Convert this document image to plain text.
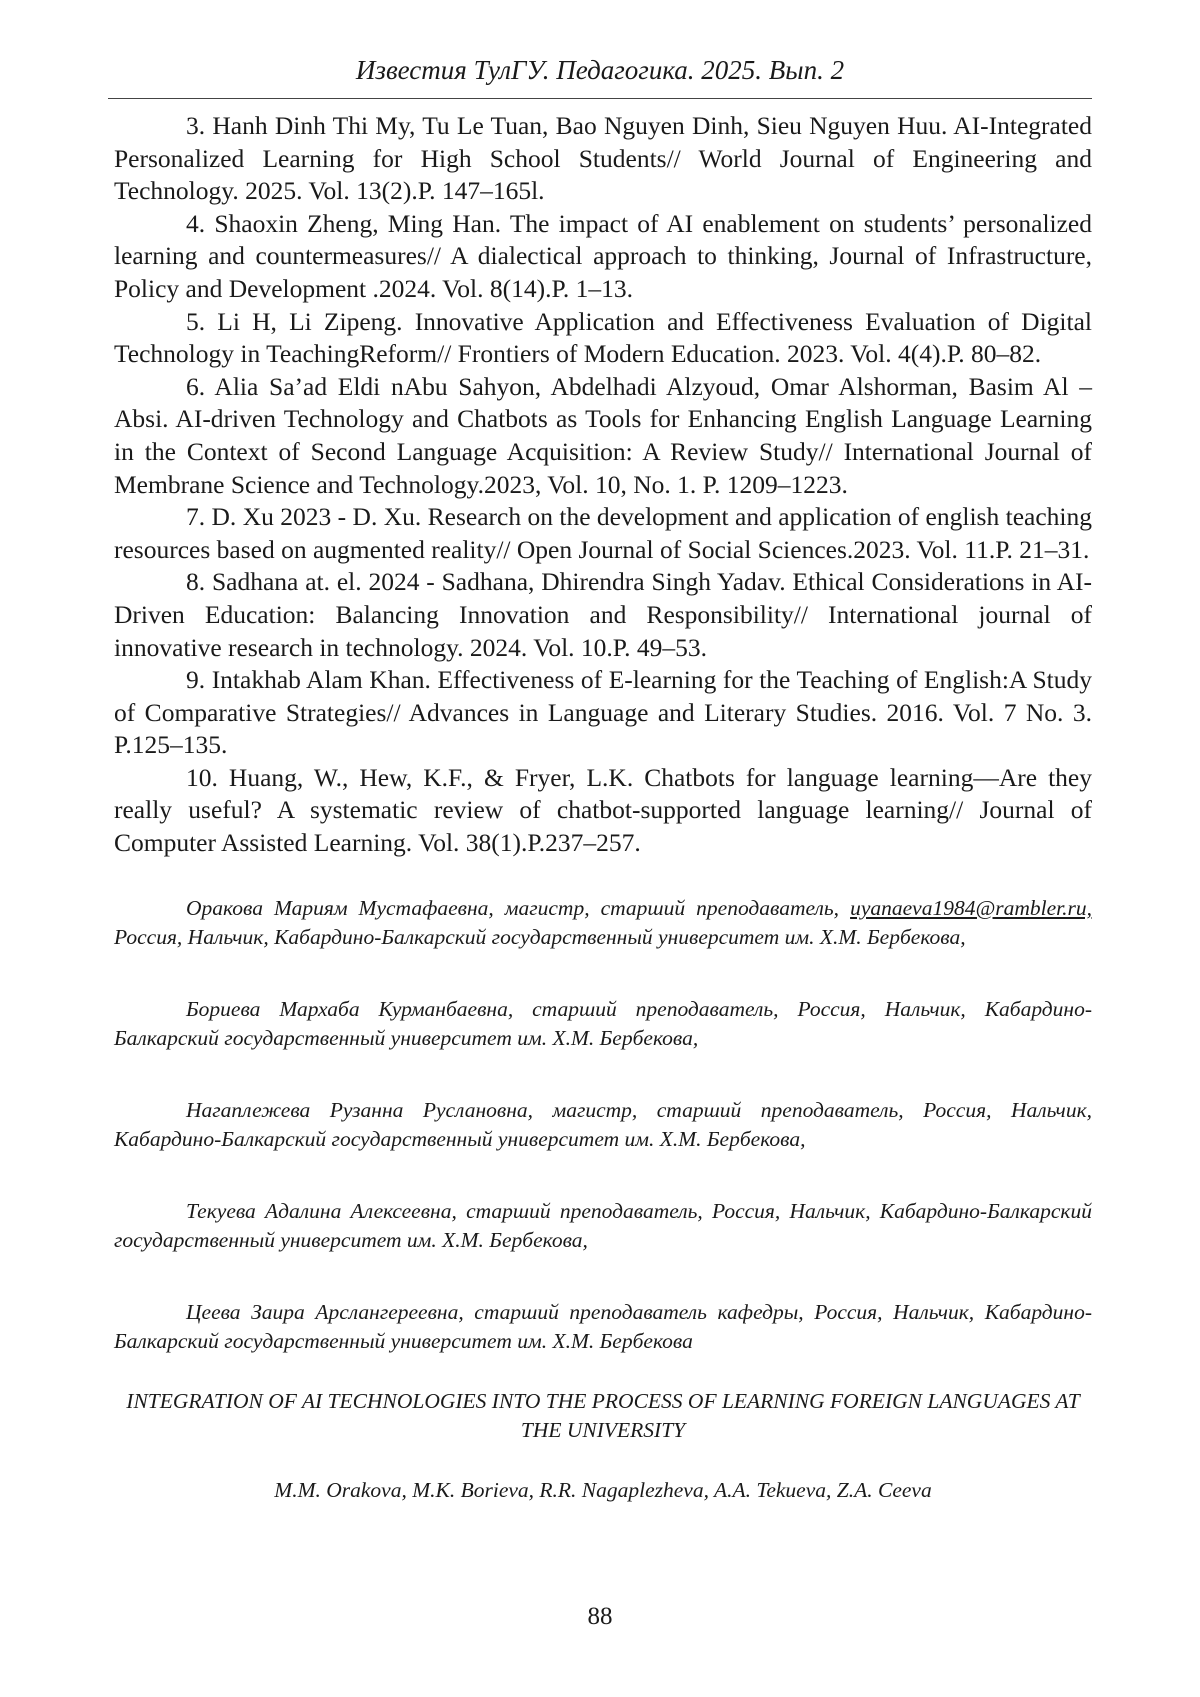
Известия ТулГУ. Педагогика. 2025. Вып. 2

3. Hanh Dinh Thi My, Tu Le Tuan, Bao Nguyen Dinh, Sieu Nguyen Huu. AI-Integrated Personalized Learning for High School Students// World Journal of Engineering and Technology. 2025. Vol. 13(2).P. 147–165l.

4. Shaoxin Zheng, Ming Han. The impact of AI enablement on students’ personalized learning and countermeasures// A dialectical approach to thinking, Journal of Infrastructure, Policy and Development .2024. Vol. 8(14).P. 1–13.

5. Li H, Li Zipeng. Innovative Application and Effectiveness Evaluation of Digital Technology in TeachingReform// Frontiers of Modern Education. 2023. Vol. 4(4).P. 80–82.

6. Alia Sa’ad Eldi nAbu Sahyon, Abdelhadi Alzyoud, Omar Alshorman, Basim Al –Absi. AI-driven Technology and Chatbots as Tools for Enhancing English Language Learning in the Context of Second Language Acquisition: A Review Study// International Journal of Membrane Science and Technology.2023, Vol. 10, No. 1. P. 1209–1223.

7. D. Xu 2023 - D. Xu. Research on the development and application of english teaching resources based on augmented reality// Open Journal of Social Sciences.2023. Vol. 11.P. 21–31.

8. Sadhana at. el. 2024 - Sadhana, Dhirendra Singh Yadav. Ethical Considerations in AI-Driven Education: Balancing Innovation and Responsibility// International journal of innovative research in technology. 2024. Vol. 10.P. 49–53.

9. Intakhab Alam Khan. Effectiveness of E-learning for the Teaching of English:A Study of Comparative Strategies// Advances in Language and Literary Studies. 2016. Vol. 7 No. 3. P.125–135.

10. Huang, W., Hew, K.F., & Fryer, L.K. Chatbots for language learning—Are they really useful? A systematic review of chatbot-supported language learning// Journal of Computer Assisted Learning. Vol. 38(1).P.237–257.

Оракова Мариям Мустафаевна, магистр, старший преподаватель, uyanaeva1984@rambler.ru, Россия, Нальчик, Кабардино-Балкарский государственный университет им. Х.М. Бербекова,

Бориева Мархаба Курманбаевна, старший преподаватель, Россия, Нальчик, Кабардино-Балкарский государственный университет им. Х.М. Бербекова,

Нагаплежева Рузанна Руслановна, магистр, старший преподаватель, Россия, Нальчик, Кабардино-Балкарский государственный университет им. Х.М. Бербекова,

Текуева Адалина Алексеевна, старший преподаватель, Россия, Нальчик, Кабардино-Балкарский государственный университет им. Х.М. Бербекова,

Цеева Заира Арслангереевна, старший преподаватель кафедры, Россия, Нальчик, Кабардино-Балкарский государственный университет им. Х.М. Бербекова

INTEGRATION OF AI TECHNOLOGIES INTO THE PROCESS OF LEARNING FOREIGN LANGUAGES AT THE UNIVERSITY

M.M. Orakova, M.K. Borieva, R.R. Nagaplezheva, A.A. Tekueva, Z.A. Ceeva

88
